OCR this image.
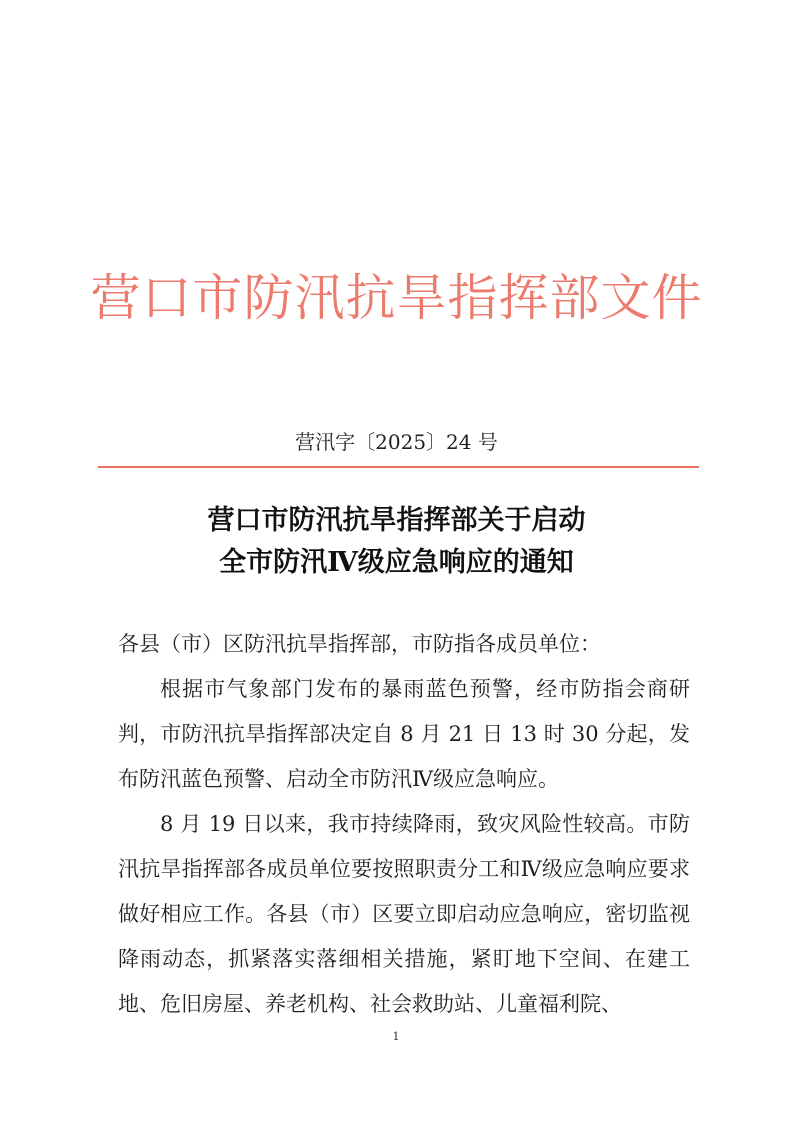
营口市防汛抗旱指挥部文件
营汛字〔2025〕24 号
营口市防汛抗旱指挥部关于启动
全市防汛Ⅳ级应急响应的通知

各县（市）区防汛抗旱指挥部，市防指各成员单位：

根据市气象部门发布的暴雨蓝色预警，经市防指会商研判，市防汛抗旱指挥部决定自 8 月 21 日 13 时 30 分起，发布防汛蓝色预警、启动全市防汛Ⅳ级应急响应。

8 月 19 日以来，我市持续降雨，致灾风险性较高。市防汛抗旱指挥部各成员单位要按照职责分工和Ⅳ级应急响应要求做好相应工作。各县（市）区要立即启动应急响应，密切监视降雨动态，抓紧落实落细相关措施，紧盯地下空间、在建工地、危旧房屋、养老机构、社会救助站、儿童福利院、

1
